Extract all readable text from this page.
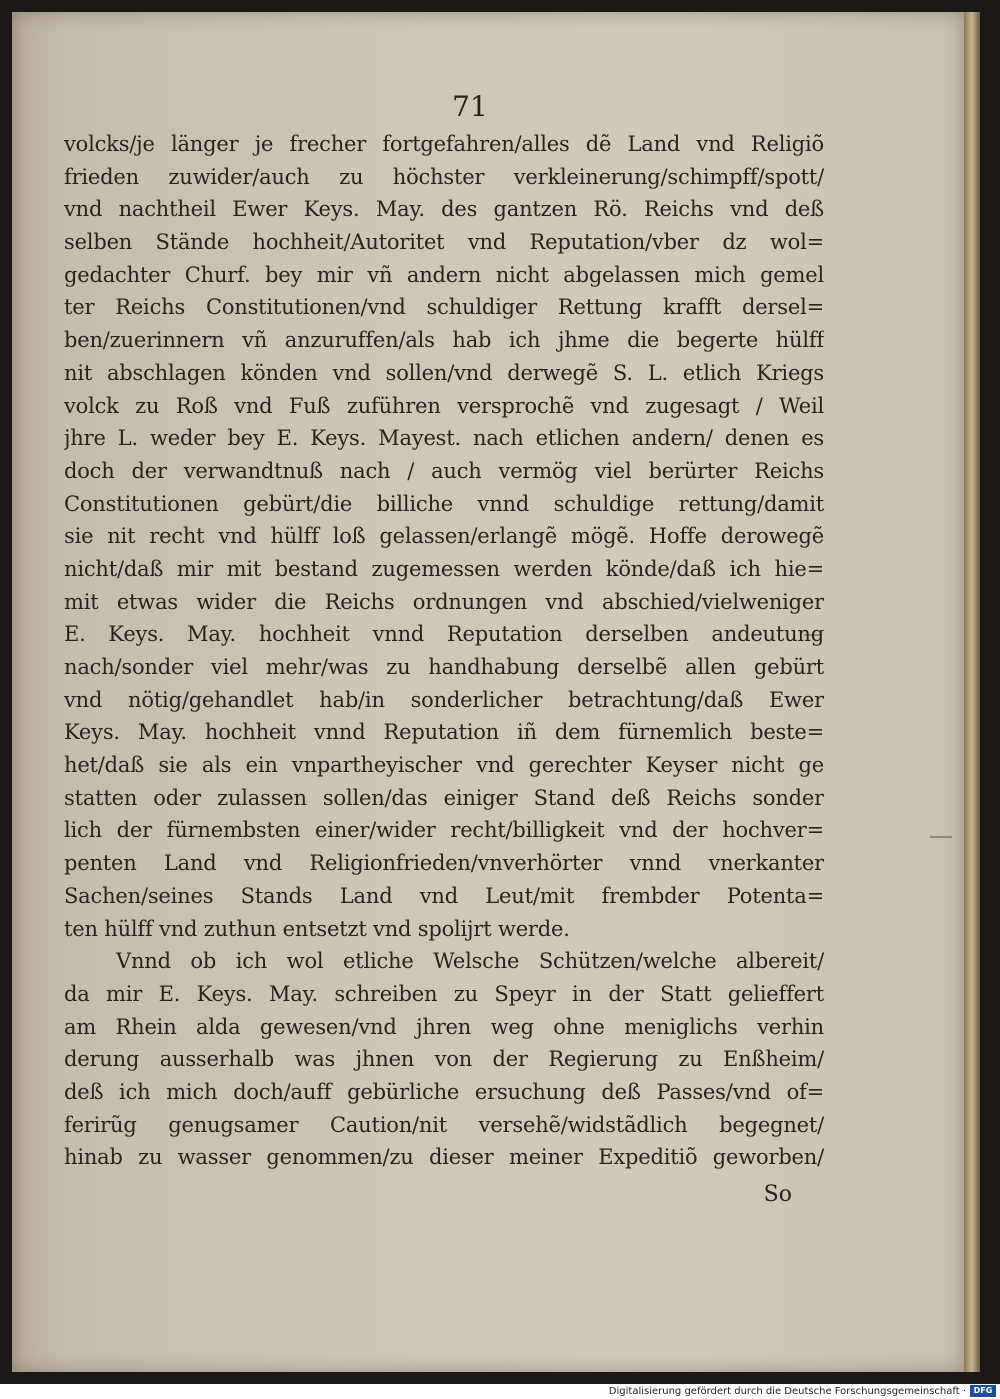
71
volcks/je länger je frecher fortgefahren/alles dẽ Land vnd Religiõ
frieden zuwider/auch zu höchster verkleinerung/schimpff/spott/
vnd nachtheil Ewer Keys. May. des gantzen Rö. Reichs vnd deß
selben Stände hochheit/Autoritet vnd Reputation/vber dz wol=
gedachter Churf. bey mir vñ andern nicht abgelassen mich gemel
ter Reichs Constitutionen/vnd schuldiger Rettung krafft dersel=
ben/zuerinnern vñ anzuruffen/als hab ich jhme die begerte hülff
nit abschlagen könden vnd sollen/vnd derwegẽ S. L. etlich Kriegs
volck zu Roß vnd Fuß zuführen versprochẽ vnd zugesagt / Weil
jhre L. weder bey E. Keys. Mayest. nach etlichen andern/ denen es
doch der verwandtnuß nach / auch vermög viel berürter Reichs
Constitutionen gebürt/die billiche vnnd schuldige rettung/damit
sie nit recht vnd hülff loß gelassen/erlangẽ mögẽ. Hoffe derowegẽ
nicht/daß mir mit bestand zugemessen werden könde/daß ich hie=
mit etwas wider die Reichs ordnungen vnd abschied/vielweniger
E. Keys. May. hochheit vnnd Reputation derselben andeutung
nach/sonder viel mehr/was zu handhabung derselbẽ allen gebürt
vnd nötig/gehandlet hab/in sonderlicher betrachtung/daß Ewer
Keys. May. hochheit vnnd Reputation iñ dem fürnemlich beste=
het/daß sie als ein vnpartheyischer vnd gerechter Keyser nicht ge
statten oder zulassen sollen/das einiger Stand deß Reichs sonder
lich der fürnembsten einer/wider recht/billigkeit vnd der hochver=
penten Land vnd Religionfrieden/vnverhörter vnnd vnerkanter
Sachen/seines Stands Land vnd Leut/mit frembder Potenta=
ten hülff vnd zuthun entsetzt vnd spolijrt werde.
Vnnd ob ich wol etliche Welsche Schützen/welche albereit/
da mir E. Keys. May. schreiben zu Speyr in der Statt gelieffert
am Rhein alda gewesen/vnd jhren weg ohne meniglichs verhin
derung ausserhalb was jhnen von der Regierung zu Enßheim/
deß ich mich doch/auff gebürliche ersuchung deß Passes/vnd of=
ferirũg genugsamer Caution/nit versehẽ/widstãdlich begegnet/
hinab zu wasser genommen/zu dieser meiner Expeditiõ geworben/
So
Digitalisierung gefördert durch die Deutsche Forschungsgemeinschaft · DFG
